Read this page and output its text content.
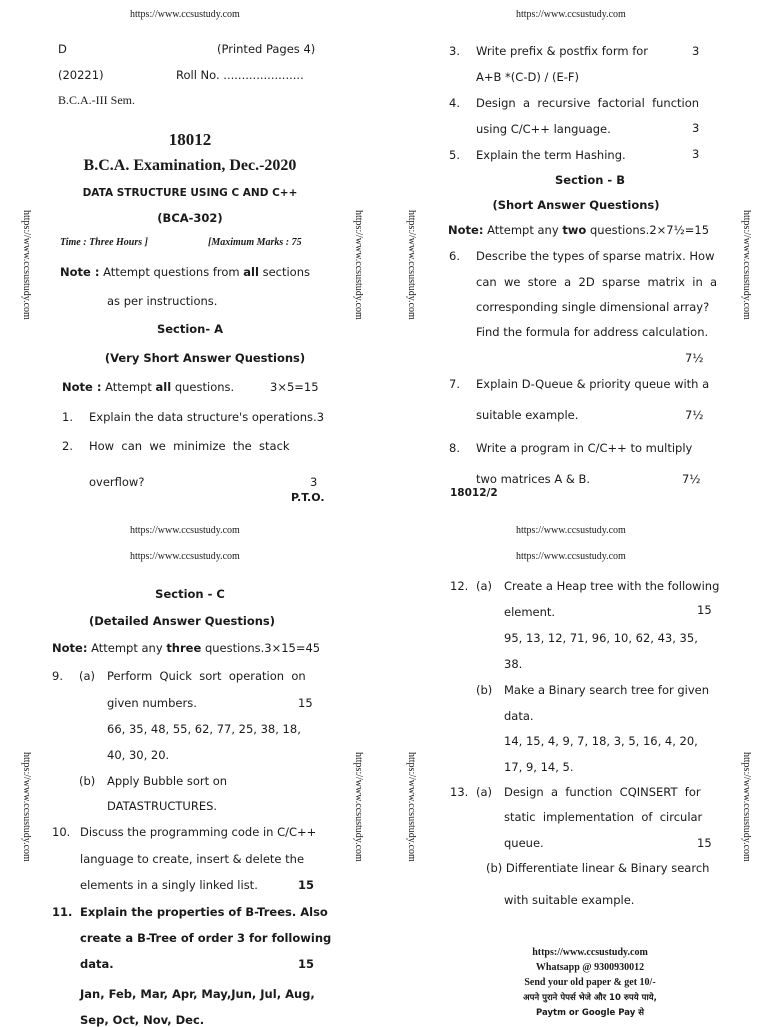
https://www.ccsustudy.com	https://www.ccsustudy.com
https://www.ccsustudy.com	https://www.ccsustudy.com	https://www.ccsustudy.com	https://www.ccsustudy.com
https://www.ccsustudy.com	https://www.ccsustudy.com	https://www.ccsustudy.com	https://www.ccsustudy.com
D	(Printed Pages 4)
(20221)	Roll No. ......................
B.C.A.-III Sem.
18012
B.C.A. Examination, Dec.-2020
DATA STRUCTURE USING C AND C++
(BCA-302)
Time : Three Hours ]	[Maximum Marks : 75
Note : Attempt questions from all sections
as per instructions.
Section- A
(Very Short Answer Questions)
Note : Attempt all questions.	3×5=15
1. Explain the data structure's operations.3
2. How  can  we  minimize  the  stack
overflow?	3
P.T.O.
3. Write prefix & postfix form for	3
A+B *(C-D) / (E-F)
4. Design  a  recursive  factorial  function
using C/C++ language.	3
5. Explain the term Hashing.	3
Section - B
(Short Answer Questions)
Note: Attempt any two questions.2×7½=15
6. Describe the types of sparse matrix. How
can  we  store  a  2D  sparse  matrix  in  a
corresponding single dimensional array?
Find the formula for address calculation.
7½
7. Explain D-Queue & priority queue with a
suitable example.	7½
8. Write a program in C/C++ to multiply
two matrices A & B.	7½
18012/2
https://www.ccsustudy.com
https://www.ccsustudy.com
https://www.ccsustudy.com
https://www.ccsustudy.com
Section - C
(Detailed Answer Questions)
Note: Attempt any three questions.3×15=45
9. (a) Perform  Quick  sort  operation  on
given numbers.	15
66, 35, 48, 55, 62, 77, 25, 38, 18,
40, 30, 20.
(b) Apply Bubble sort on
DATASTRUCTURES.
10. Discuss the programming code in C/C++
language to create, insert & delete the
elements in a singly linked list.	15
11. Explain the properties of B-Trees. Also
create a B-Tree of order 3 for following
data.	15
Jan, Feb, Mar, Apr, May,Jun, Jul, Aug,
Sep, Oct, Nov, Dec.
12. (a) Create a Heap tree with the following
element.	15
95, 13, 12, 71, 96, 10, 62, 43, 35,
38.
(b) Make a Binary search tree for given
data.
14, 15, 4, 9, 7, 18, 3, 5, 16, 4, 20,
17, 9, 14, 5.
13. (a) Design  a  function  CQINSERT  for
static  implementation  of  circular
queue.	15
(b) Differentiate linear & Binary search
with suitable example.
https://www.ccsustudy.com
Whatsapp @ 9300930012
Send your old paper & get 10/-
अपने पुराने पेपर्स भेजे और 10 रुपये पाये,
Paytm or Google Pay से
